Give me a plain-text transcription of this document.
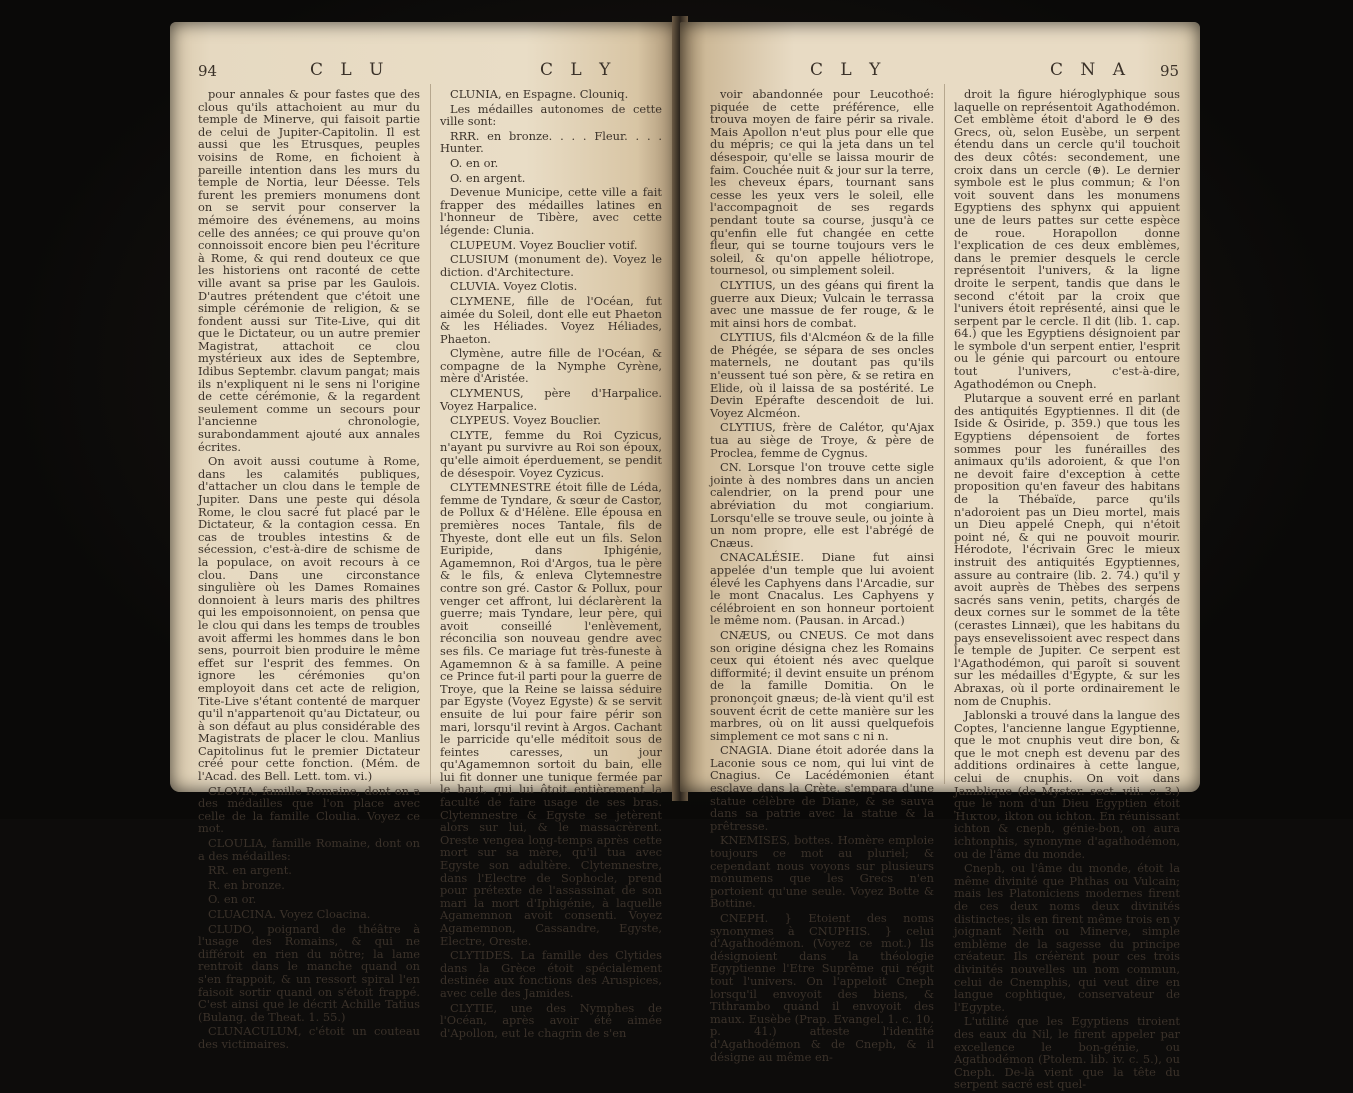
94	C L U	C L Y

pour annales & pour fastes que des clous qu'ils attachoient au mur du temple de Minerve, qui faisoit partie de celui de Jupiter-Capitolin. Il est aussi que les Etrusques, peuples voisins de Rome, en fichoient à pareille intention dans les murs du temple de Nortia, leur Déesse. Tels furent les premiers monumens dont on se servit pour conserver la mémoire des événemens, au moins celle des années; ce qui prouve qu'on connoissoit encore bien peu l'écriture à Rome, & qui rend douteux ce que les historiens ont raconté de cette ville avant sa prise par les Gaulois. D'autres prétendent que c'étoit une simple cérémonie de religion, & se fondent aussi sur Tite-Live, qui dit que le Dictateur, ou un autre premier Magistrat, attachoit ce clou mystérieux aux ides de Septembre, Idibus Septembr. clavum pangat; mais ils n'expliquent ni le sens ni l'origine de cette cérémonie, & la regardent seulement comme un secours pour l'ancienne chronologie, surabondamment ajouté aux annales écrites.

On avoit aussi coutume à Rome, dans les calamités publiques, d'attacher un clou dans le temple de Jupiter. Dans une peste qui désola Rome, le clou sacré fut placé par le Dictateur, & la contagion cessa. En cas de troubles intestins & de sécession, c'est-à-dire de schisme de la populace, on avoit recours à ce clou. Dans une circonstance singulière où les Dames Romaines donnoient à leurs maris des philtres qui les empoisonnoient, on pensa que le clou qui dans les temps de troubles avoit affermi les hommes dans le bon sens, pourroit bien produire le même effet sur l'esprit des femmes. On ignore les cérémonies qu'on employoit dans cet acte de religion, Tite-Live s'étant contenté de marquer qu'il n'appartenoit qu'au Dictateur, ou à son défaut au plus considérable des Magistrats de placer le clou. Manlius Capitolinus fut le premier Dictateur créé pour cette fonction. (Mém. de l'Acad. des Bell. Lett. tom. vi.)

CLOVIA, famille Romaine, dont on a des médailles que l'on place avec celle de la famille Cloulia. Voyez ce mot.

CLOULIA, famille Romaine, dont on a des médailles:

RR. en argent.

R. en bronze.

O. en or.

CLUACINA. Voyez Cloacina.

CLUDO, poignard de théâtre à l'usage des Romains, & qui ne différoit en rien du nôtre; la lame rentroit dans le manche quand on s'en frappoit, & un ressort spiral l'en faisoit sortir quand on s'étoit frappé. C'est ainsi que le décrit Achille Tatius (Bulang. de Theat. 1. 55.)

CLUNACULUM, c'étoit un couteau des victimaires.

CLUNIA, en Espagne. Clouniq.

Les médailles autonomes de cette ville sont:

RRR. en bronze. . . . Fleur. . . . Hunter.

O. en or.

O. en argent.

Devenue Municipe, cette ville a fait frapper des médailles latines en l'honneur de Tibère, avec cette légende: Clunia.

CLUPEUM. Voyez Bouclier votif.

CLUSIUM (monument de). Voyez le diction. d'Architecture.

CLUVIA. Voyez Clotis.

CLYMENE, fille de l'Océan, fut aimée du Soleil, dont elle eut Phaeton & les Héliades. Voyez Héliades, Phaeton.

Clymène, autre fille de l'Océan, & compagne de la Nymphe Cyrène, mère d'Aristée.

CLYMENUS, père d'Harpalice. Voyez Harpalice.

CLYPEUS. Voyez Bouclier.

CLYTE, femme du Roi Cyzicus, n'ayant pu survivre au Roi son époux, qu'elle aimoit éperduement, se pendit de désespoir. Voyez Cyzicus.

CLYTEMNESTRE étoit fille de Léda, femme de Tyndare, & sœur de Castor, de Pollux & d'Hélène. Elle épousa en premières noces Tantale, fils de Thyeste, dont elle eut un fils. Selon Euripide, dans Iphigénie, Agamemnon, Roi d'Argos, tua le père & le fils, & enleva Clytemnestre contre son gré. Castor & Pollux, pour venger cet affront, lui déclarèrent la guerre; mais Tyndare, leur père, qui avoit conseillé l'enlèvement, réconcilia son nouveau gendre avec ses fils. Ce mariage fut très-funeste à Agamemnon & à sa famille. A peine ce Prince fut-il parti pour la guerre de Troye, que la Reine se laissa séduire par Egyste (Voyez Egyste) & se servit ensuite de lui pour faire périr son mari, lorsqu'il revint à Argos. Cachant le parricide qu'elle méditoit sous de feintes caresses, un jour qu'Agamemnon sortoit du bain, elle lui fit donner une tunique fermée par le haut, qui lui ôtoit entièrement la faculté de faire usage de ses bras. Clytemnestre & Egyste se jetèrent alors sur lui, & le massacrèrent. Oreste vengea long-temps après cette mort sur sa mère, qu'il tua avec Egyste son adultère. Clytemnestre, dans l'Electre de Sophocle, prend pour prétexte de l'assassinat de son mari la mort d'Iphigénie, à laquelle Agamemnon avoit consenti. Voyez Agamemnon, Cassandre, Egyste, Electre, Oreste.

CLYTIDES. La famille des Clytides dans la Grèce étoit spécialement destinée aux fonctions des Aruspices, avec celle des Jamides.

CLYTIE, une des Nymphes de l'Océan, après avoir été aimée d'Apollon, eut le chagrin de s'en

C L Y	C N A 95

voir abandonnée pour Leucothoé: piquée de cette préférence, elle trouva moyen de faire périr sa rivale. Mais Apollon n'eut plus pour elle que du mépris; ce qui la jeta dans un tel désespoir, qu'elle se laissa mourir de faim. Couchée nuit & jour sur la terre, les cheveux épars, tournant sans cesse les yeux vers le soleil, elle l'accompagnoit de ses regards pendant toute sa course, jusqu'à ce qu'enfin elle fut changée en cette fleur, qui se tourne toujours vers le soleil, & qu'on appelle héliotrope, tournesol, ou simplement soleil.

CLYTIUS, un des géans qui firent la guerre aux Dieux; Vulcain le terrassa avec une massue de fer rouge, & le mit ainsi hors de combat.

CLYTIUS, fils d'Alcméon & de la fille de Phégée, se sépara de ses oncles maternels, ne doutant pas qu'ils n'eussent tué son père, & se retira en Elide, où il laissa de sa postérité. Le Devin Epérafte descendoit de lui. Voyez Alcméon.

CLYTIUS, frère de Calétor, qu'Ajax tua au siège de Troye, & père de Proclea, femme de Cygnus.

CN. Lorsque l'on trouve cette sigle jointe à des nombres dans un ancien calendrier, on la prend pour une abréviation du mot congiarium. Lorsqu'elle se trouve seule, ou jointe à un nom propre, elle est l'abrégé de Cnæus.

CNACALÉSIE. Diane fut ainsi appelée d'un temple que lui avoient élevé les Caphyens dans l'Arcadie, sur le mont Cnacalus. Les Caphyens y célébroient en son honneur portoient le même nom. (Pausan. in Arcad.)

CNÆUS, ou CNEUS. Ce mot dans son origine désigna chez les Romains ceux qui étoient nés avec quelque difformité; il devint ensuite un prénom de la famille Domitia. On le prononçoit gnæus; de-là vient qu'il est souvent écrit de cette manière sur les marbres, où on lit aussi quelquefois simplement ce mot sans c ni n.

CNAGIA. Diane étoit adorée dans la Laconie sous ce nom, qui lui vint de Cnagius. Ce Lacédémonien étant esclave dans la Crète, s'empara d'une statue célèbre de Diane, & se sauva dans sa patrie avec la statue & la prêtresse.

KNEMISES, bottes. Homère emploie toujours ce mot au pluriel; & cependant nous voyons sur plusieurs monumens que les Grecs n'en portoient qu'une seule. Voyez Botte & Bottine.

CNEPH. } Etoient des noms synonymes à CNUPHIS. } celui d'Agathodémon. (Voyez ce mot.) Ils désignoient dans la théologie Egyptienne l'Etre Suprême qui régit tout l'univers. On l'appeloit Cneph lorsqu'il envoyoit des biens, & Tithrambo quand il envoyoit des maux. Eusèbe (Prap. Evangel. 1. c. 10. p. 41.) atteste l'identité d'Agathodémon & de Cneph, & il désigne au même en-

droit la figure hiéroglyphique sous laquelle on représentoit Agathodémon. Cet emblème étoit d'abord le Θ des Grecs, où, selon Eusèbe, un serpent étendu dans un cercle qu'il touchoit des deux côtés: secondement, une croix dans un cercle (⊕). Le dernier symbole est le plus commun; & l'on voit souvent dans les monumens Egyptiens des sphynx qui appuient une de leurs pattes sur cette espèce de roue. Horapollon donne l'explication de ces deux emblèmes, dans le premier desquels le cercle représentoit l'univers, & la ligne droite le serpent, tandis que dans le second c'étoit par la croix que l'univers étoit représenté, ainsi que le serpent par le cercle. Il dit (lib. 1. cap. 64.) que les Egyptiens désignoient par le symbole d'un serpent entier, l'esprit ou le génie qui parcourt ou entoure tout l'univers, c'est-à-dire, Agathodémon ou Cneph.

Plutarque a souvent erré en parlant des antiquités Egyptiennes. Il dit (de Iside & Osiride, p. 359.) que tous les Egyptiens dépensoient de fortes sommes pour les funérailles des animaux qu'ils adoroient, & que l'on ne devoit faire d'exception à cette proposition qu'en faveur des habitans de la Thébaïde, parce qu'ils n'adoroient pas un Dieu mortel, mais un Dieu appelé Cneph, qui n'étoit point né, & qui ne pouvoit mourir. Hérodote, l'écrivain Grec le mieux instruit des antiquités Egyptiennes, assure au contraire (lib. 2. 74.) qu'il y avoit auprès de Thèbes des serpens sacrés sans venin, petits, chargés de deux cornes sur le sommet de la tête (cerastes Linnæi), que les habitans du pays ensevelissoient avec respect dans le temple de Jupiter. Ce serpent est l'Agathodémon, qui paroît si souvent sur les médailles d'Egypte, & sur les Abraxas, où il porte ordinairement le nom de Cnuphis.

Jablonski a trouvé dans la langue des Coptes, l'ancienne langue Egyptienne, que le mot cnuphis veut dire bon, & que le mot cneph est devenu par des additions ordinaires à cette langue, celui de cnuphis. On voit dans Jamblique (de Myster. sect. viii. c. 3.) que le nom d'un Dieu Egyptien étoit Ἠικτον, ikton ou ichton. En réunissant ichton & cneph, génie-bon, on aura ichtonphis, synonyme d'agathodémon, ou de l'âme du monde.

Cneph, ou l'âme du monde, étoit la même divinité que Phthas ou Vulcain; mais les Platoniciens modernes firent de ces deux noms deux divinités distinctes; ils en firent même trois en y joignant Neith ou Minerve, simple emblème de la sagesse du principe créateur. Ils créèrent pour ces trois divinités nouvelles un nom commun, celui de Cnemphis, qui veut dire en langue cophtique, conservateur de l'Egypte.

L'utilité que les Egyptiens tiroient des eaux du Nil, le firent appeler par excellence le bon-génie, ou Agathodémon (Ptolem. lib. iv. c. 5.), ou Cneph. De-là vient que la tête du serpent sacré est quel-
